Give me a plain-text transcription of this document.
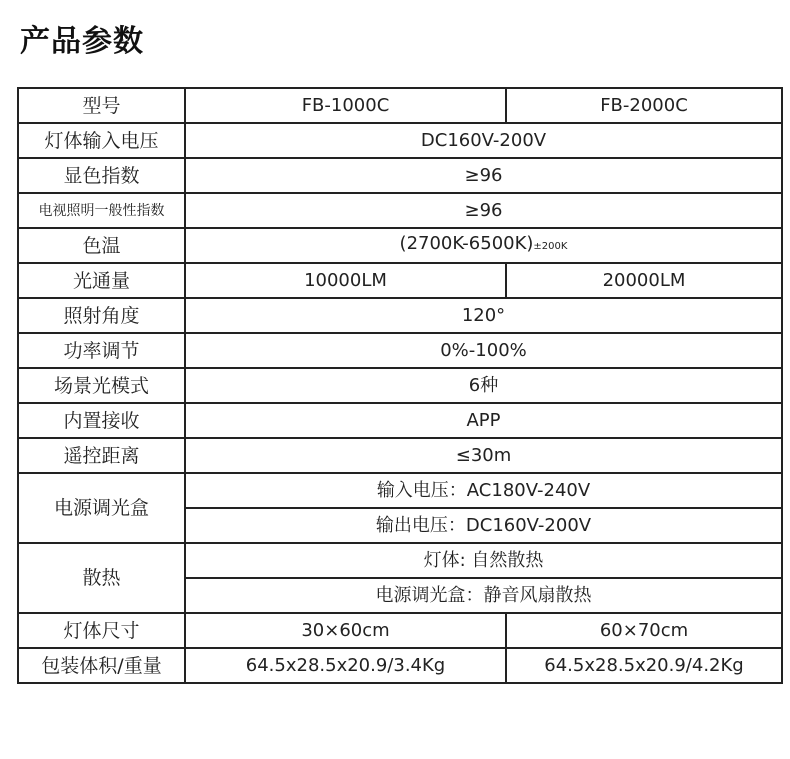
产品参数
型号	FB-1000C	FB-2000C
灯体输入电压	DC160V-200V	
显色指数	≥96	
电视照明一般性指数	≥96	
色温	(2700K-6500K)±200K	
光通量	10000LM	20000LM
照射角度	120°	
功率调节	0%-100%	
场景光模式	6种	
内置接收	APP	
遥控距离	≤30m	
电源调光盒	输入电压：AC180V-240V	
	输出电压：DC160V-200V	
散热	灯体: 自然散热	
	电源调光盒：静音风扇散热	
灯体尺寸	30×60cm	60×70cm
包装体积/重量	64.5x28.5x20.9/3.4Kg	64.5x28.5x20.9/4.2Kg
